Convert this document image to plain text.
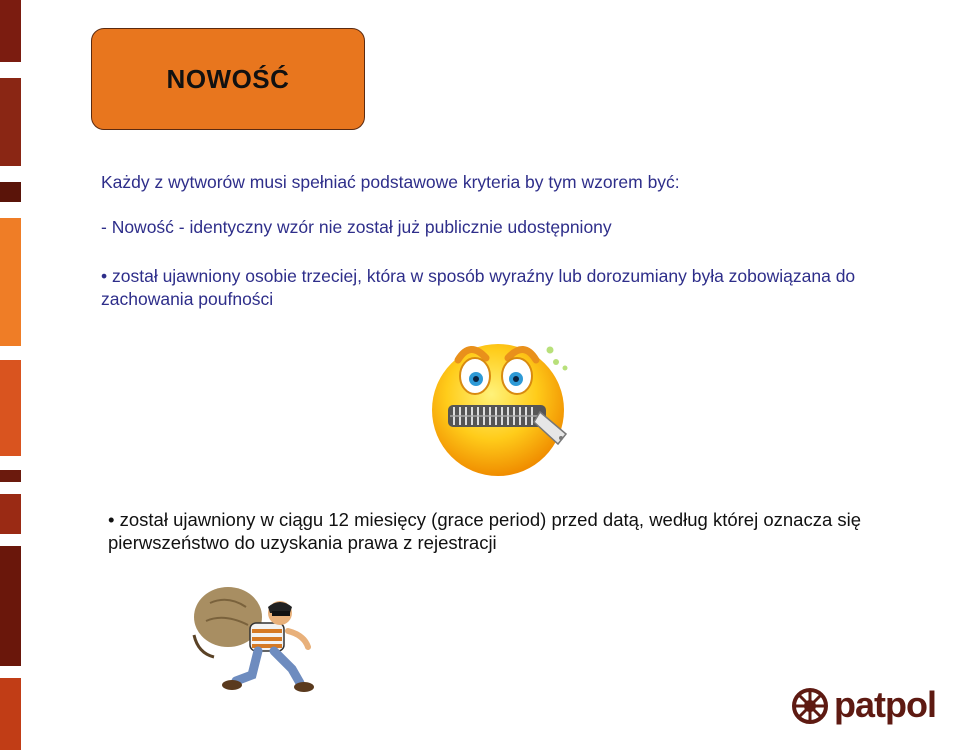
NOWOŚĆ

Każdy z wytworów musi spełniać podstawowe kryteria by tym wzorem być:

- Nowość - identyczny wzór nie został już publicznie udostępniony

• został ujawniony osobie trzeciej, która w sposób wyraźny lub dorozumiany była zobowiązana do zachowania poufności

• został ujawniony w ciągu 12 miesięcy (grace period) przed datą, według której oznacza się pierwszeństwo do uzyskania prawa z rejestracji

patpol
